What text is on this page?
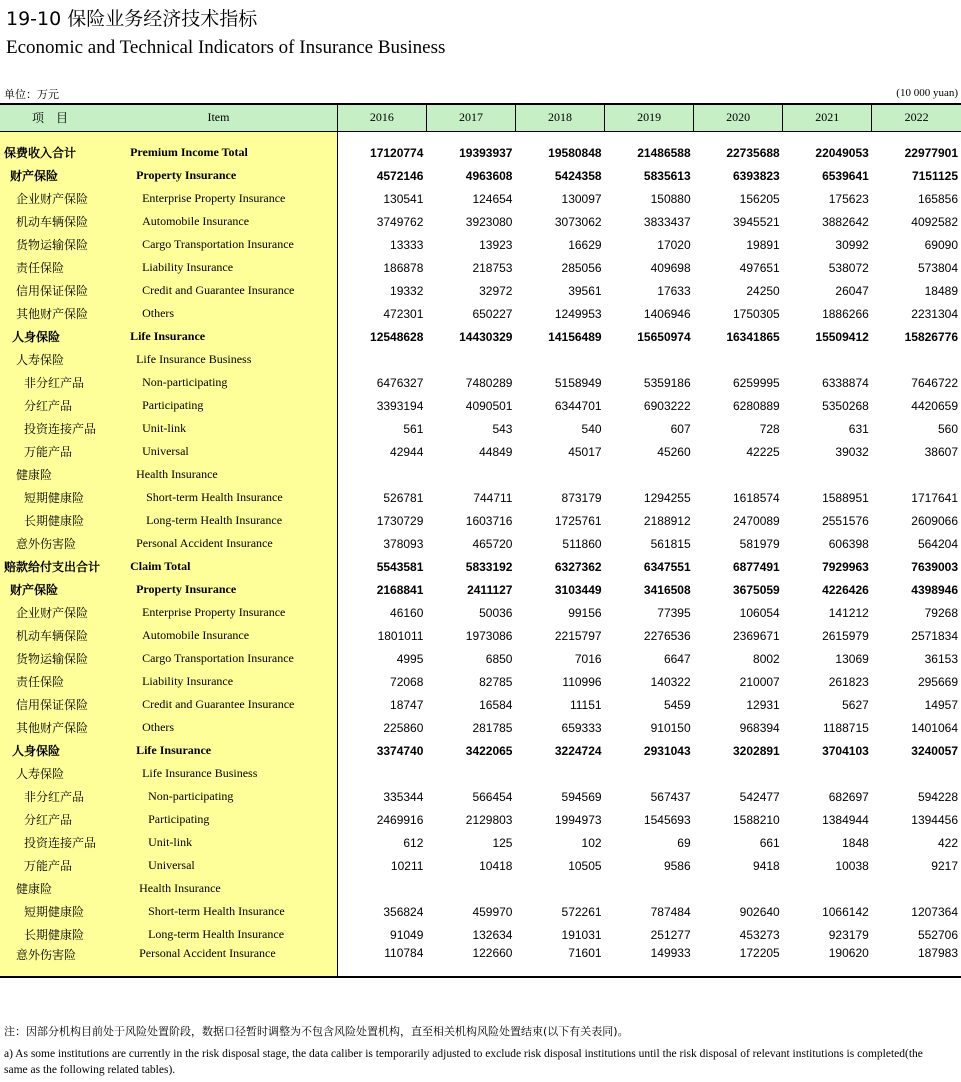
19-10 保险业务经济技术指标
Economic and Technical Indicators of Insurance Business
单位：万元	(10 000 yuan)
项　目	Item	2016	2017	2018	2019	2020	2021	2022

保费收入合计	Premium Income Total	17120774	19393937	19580848	21486588	22735688	22049053	22977901
财产保险	Property Insurance	4572146	4963608	5424358	5835613	6393823	6539641	7151125
企业财产保险	Enterprise Property Insurance	130541	124654	130097	150880	156205	175623	165856
机动车辆保险	Automobile Insurance	3749762	3923080	3073062	3833437	3945521	3882642	4092582
货物运输保险	Cargo Transportation Insurance	13333	13923	16629	17020	19891	30992	69090
责任保险	Liability Insurance	186878	218753	285056	409698	497651	538072	573804
信用保证保险	Credit and Guarantee Insurance	19332	32972	39561	17633	24250	26047	18489
其他财产保险	Others	472301	650227	1249953	1406946	1750305	1886266	2231304
人身保险	Life Insurance	12548628	14430329	14156489	15650974	16341865	15509412	15826776
人寿保险	Life Insurance Business							
非分红产品	Non-participating	6476327	7480289	5158949	5359186	6259995	6338874	7646722
分红产品	Participating	3393194	4090501	6344701	6903222	6280889	5350268	4420659
投资连接产品	Unit-link	561	543	540	607	728	631	560
万能产品	Universal	42944	44849	45017	45260	42225	39032	38607
健康险	Health Insurance							
短期健康险	Short-term Health Insurance	526781	744711	873179	1294255	1618574	1588951	1717641
长期健康险	Long-term Health Insurance	1730729	1603716	1725761	2188912	2470089	2551576	2609066
意外伤害险	Personal Accident Insurance	378093	465720	511860	561815	581979	606398	564204
赔款给付支出合计	Claim Total	5543581	5833192	6327362	6347551	6877491	7929963	7639003
财产保险	Property Insurance	2168841	2411127	3103449	3416508	3675059	4226426	4398946
企业财产保险	Enterprise Property Insurance	46160	50036	99156	77395	106054	141212	79268
机动车辆保险	Automobile Insurance	1801011	1973086	2215797	2276536	2369671	2615979	2571834
货物运输保险	Cargo Transportation Insurance	4995	6850	7016	6647	8002	13069	36153
责任保险	Liability Insurance	72068	82785	110996	140322	210007	261823	295669
信用保证保险	Credit and Guarantee Insurance	18747	16584	11151	5459	12931	5627	14957
其他财产保险	Others	225860	281785	659333	910150	968394	1188715	1401064
人身保险	Life Insurance	3374740	3422065	3224724	2931043	3202891	3704103	3240057
人寿保险	Life Insurance Business							
非分红产品	Non-participating	335344	566454	594569	567437	542477	682697	594228
分红产品	Participating	2469916	2129803	1994973	1545693	1588210	1384944	1394456
投资连接产品	Unit-link	612	125	102	69	661	1848	422
万能产品	Universal	10211	10418	10505	9586	9418	10038	9217
健康险	Health Insurance							
短期健康险	Short-term Health Insurance	356824	459970	572261	787484	902640	1066142	1207364
长期健康险	Long-term Health Insurance	91049	132634	191031	251277	453273	923179	552706
意外伤害险	Personal Accident Insurance	110784	122660	71601	149933	172205	190620	187983
注：因部分机构目前处于风险处置阶段，数据口径暂时调整为不包含风险处置机构，直至相关机构风险处置结束(以下有关表同)。
a) As some institutions are currently in the risk disposal stage, the data caliber is temporarily adjusted to exclude risk disposal institutions until the risk disposal of relevant institutions is completed(the same as the following related tables).
